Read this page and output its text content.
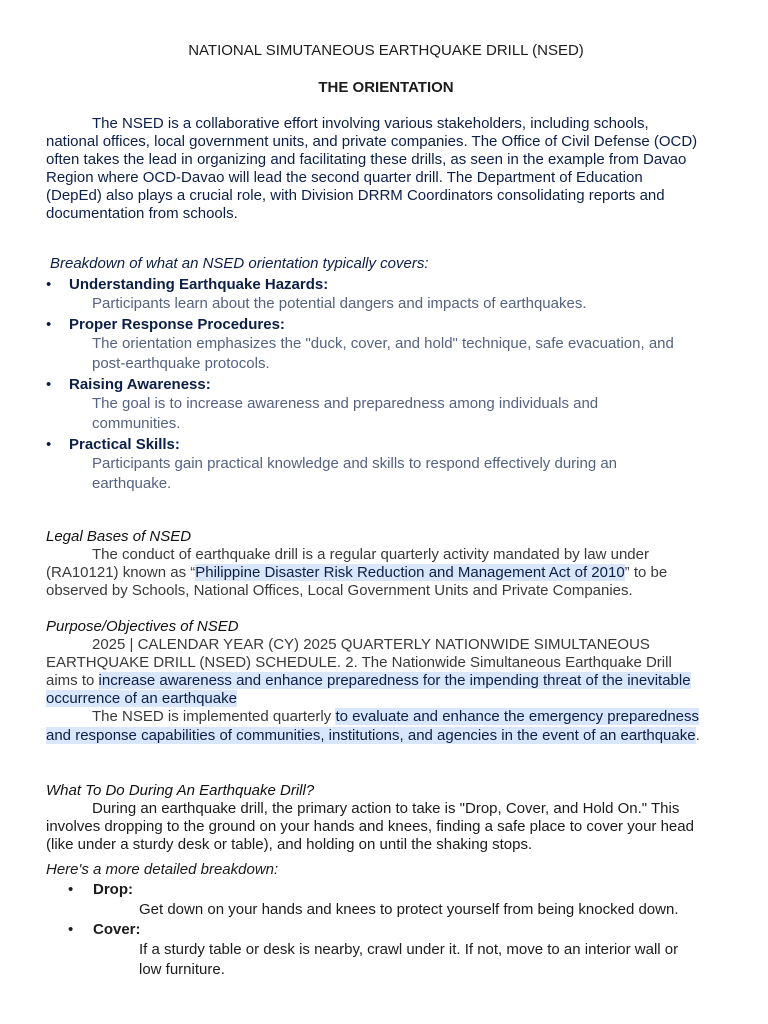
NATIONAL SIMUTANEOUS EARTHQUAKE DRILL (NSED)
THE ORIENTATION
The NSED is a collaborative effort involving various stakeholders, including schools,
national offices, local government units, and private companies. The Office of Civil Defense (OCD)
often takes the lead in organizing and facilitating these drills, as seen in the example from Davao
Region where OCD-Davao will lead the second quarter drill. The Department of Education
(DepEd) also plays a crucial role, with Division DRRM Coordinators consolidating reports and
documentation from schools.
Breakdown of what an NSED orientation typically covers:
• Understanding Earthquake Hazards:
Participants learn about the potential dangers and impacts of earthquakes.
• Proper Response Procedures:
The orientation emphasizes the "duck, cover, and hold" technique, safe evacuation, and
post-earthquake protocols.
• Raising Awareness:
The goal is to increase awareness and preparedness among individuals and
communities.
• Practical Skills:
Participants gain practical knowledge and skills to respond effectively during an
earthquake.
Legal Bases of NSED
The conduct of earthquake drill is a regular quarterly activity mandated by law under
(RA10121) known as “Philippine Disaster Risk Reduction and Management Act of 2010” to be
observed by Schools, National Offices, Local Government Units and Private Companies.
Purpose/Objectives of NSED
2025 | CALENDAR YEAR (CY) 2025 QUARTERLY NATIONWIDE SIMULTANEOUS
EARTHQUAKE DRILL (NSED) SCHEDULE. 2. The Nationwide Simultaneous Earthquake Drill
aims to increase awareness and enhance preparedness for the impending threat of the inevitable
occurrence of an earthquake
The NSED is implemented quarterly to evaluate and enhance the emergency preparedness
and response capabilities of communities, institutions, and agencies in the event of an earthquake.
What To Do During An Earthquake Drill?
During an earthquake drill, the primary action to take is "Drop, Cover, and Hold On." This
involves dropping to the ground on your hands and knees, finding a safe place to cover your head
(like under a sturdy desk or table), and holding on until the shaking stops.
Here's a more detailed breakdown:
• Drop:
Get down on your hands and knees to protect yourself from being knocked down.
• Cover:
If a sturdy table or desk is nearby, crawl under it. If not, move to an interior wall or
low furniture.
